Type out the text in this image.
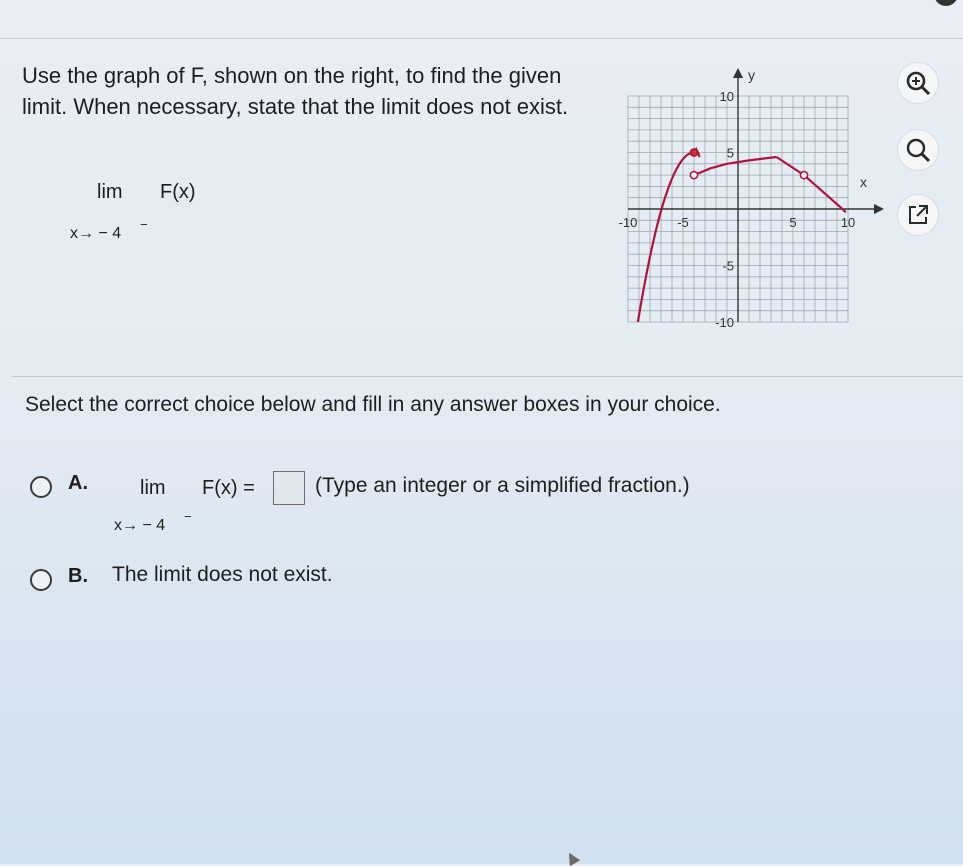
Use the graph of F, shown on the right, to find the given limit. When necessary, state that the limit does not exist.
lim F(x)
x→ − 4
−	-10	-5	5	10
10
5
-5
-10
x
y
Select the correct choice below and fill in any answer boxes in your choice.
A.	lim F(x) =	(Type an integer or a simplified fraction.)
x→ − 4
−
B. The limit does not exist.
